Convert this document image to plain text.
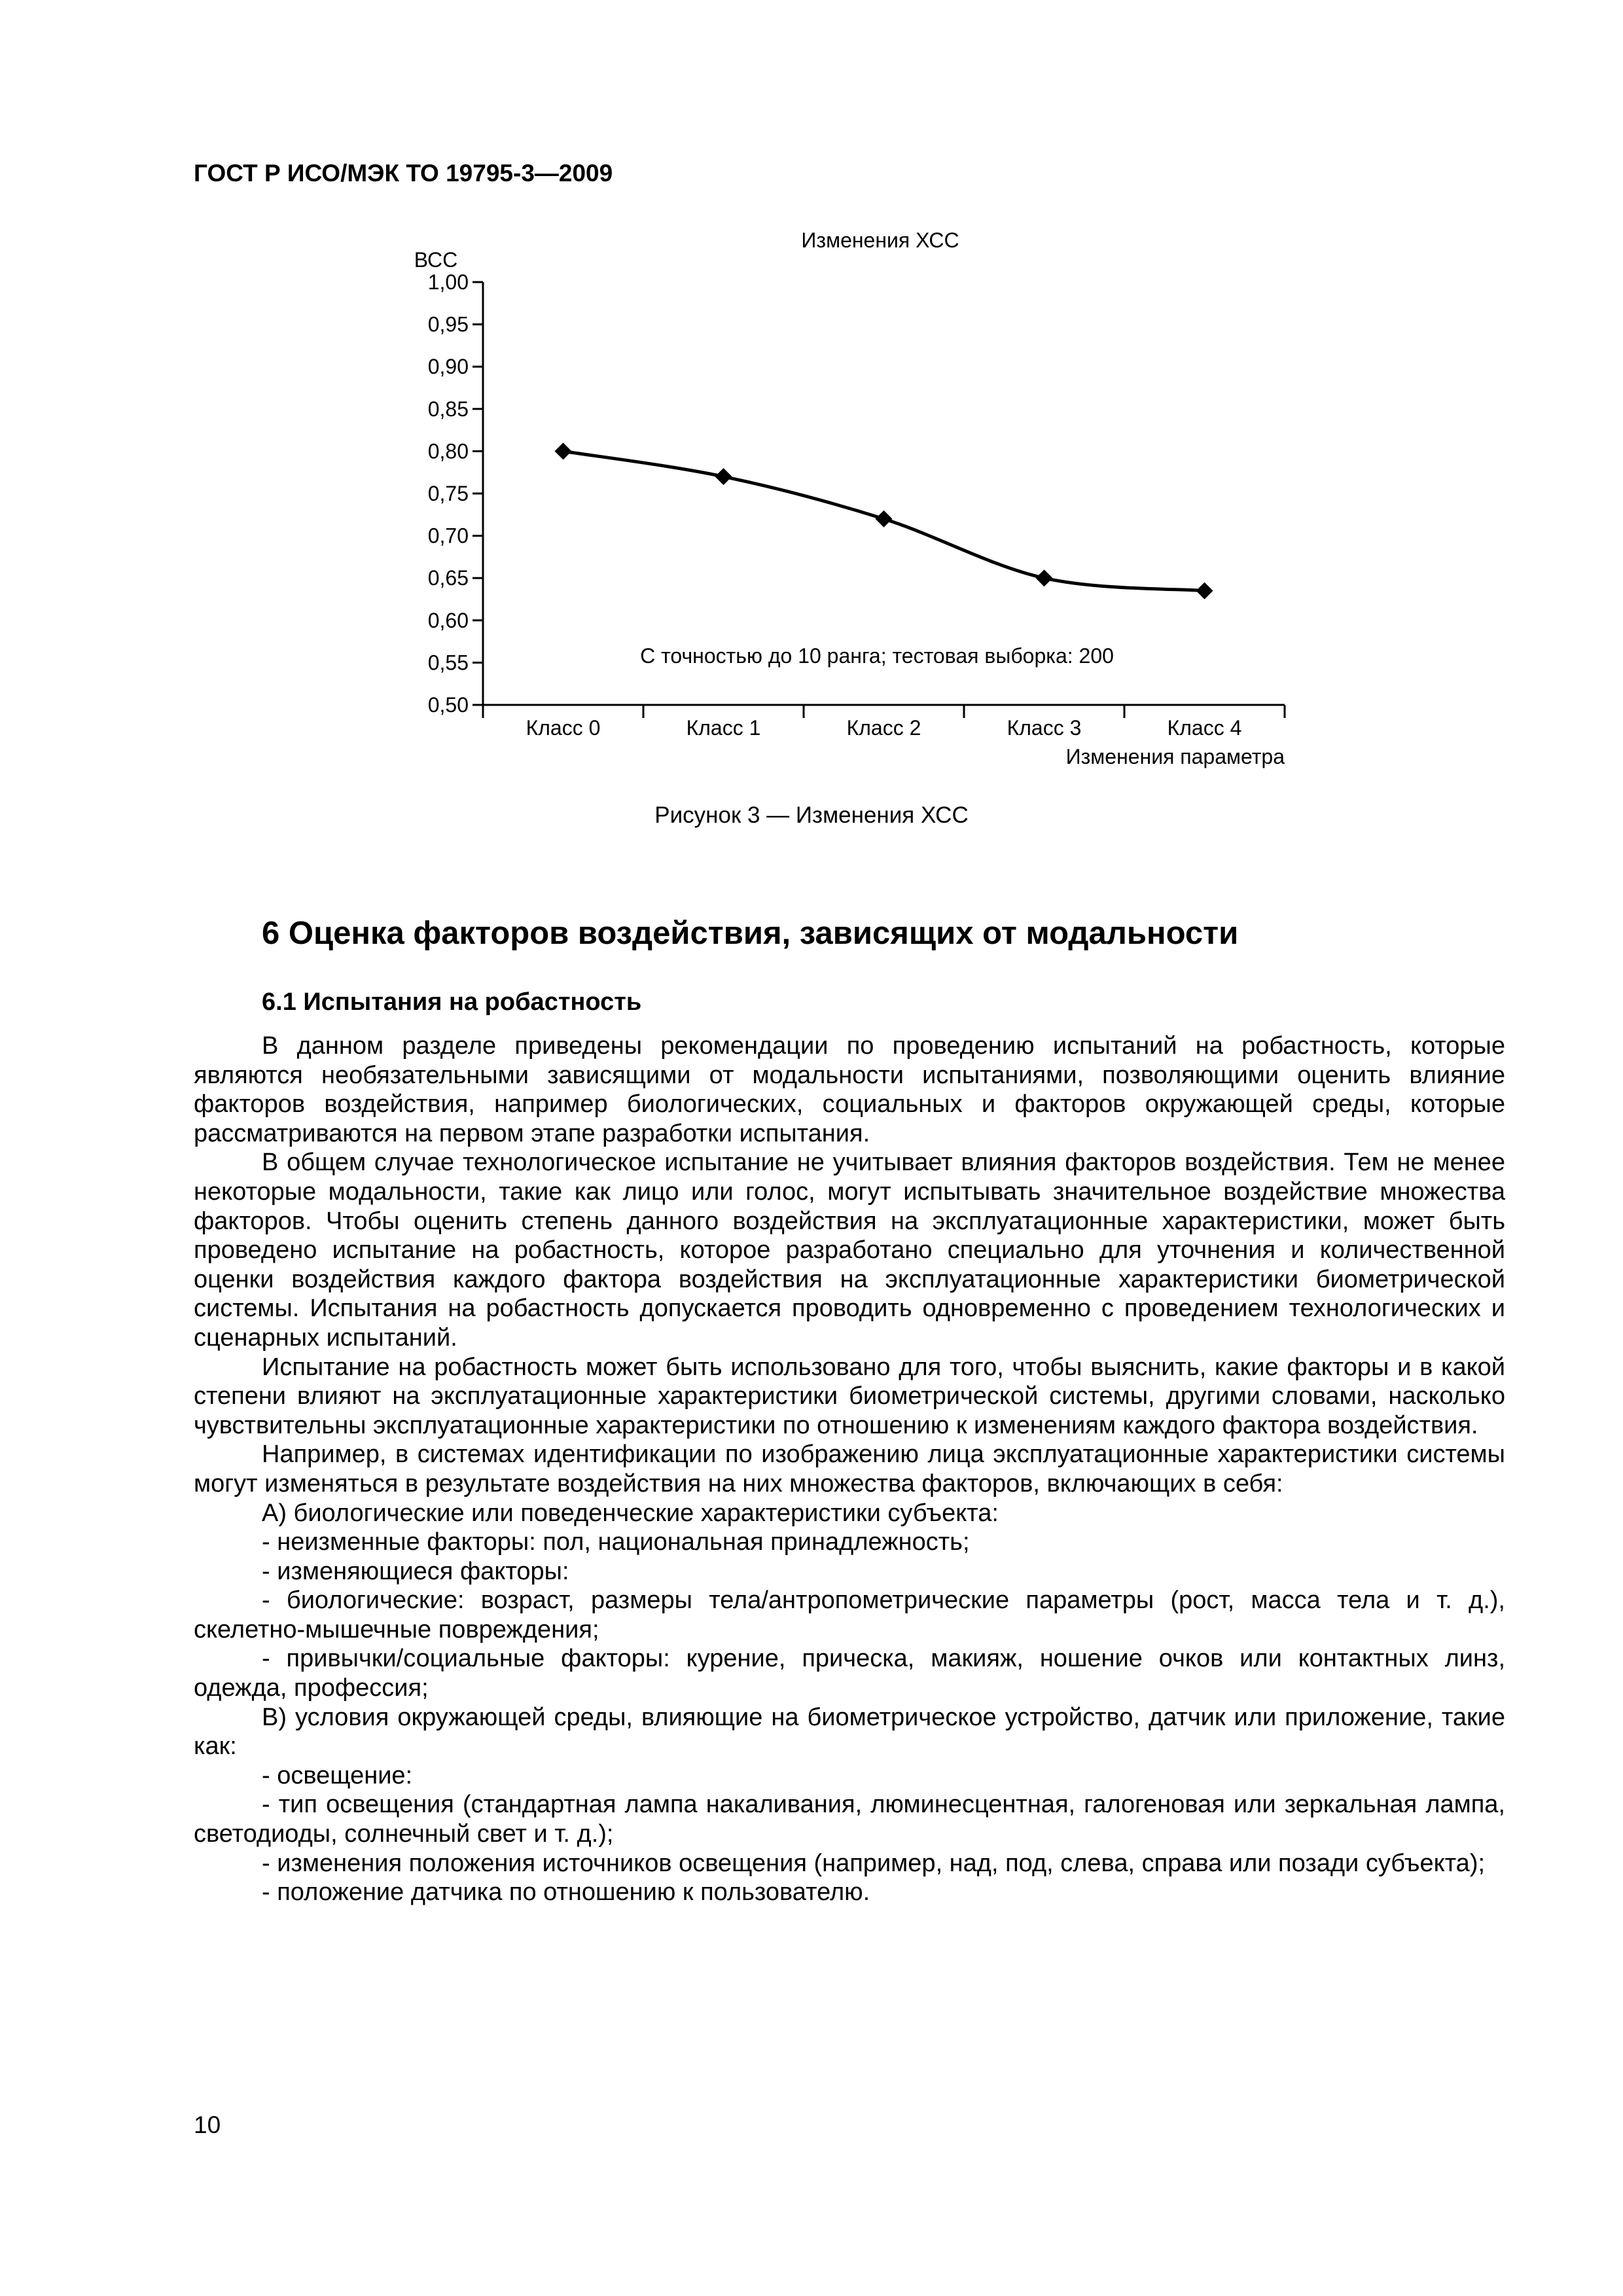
ГОСТ Р ИСО/МЭК ТО 19795-3—2009
Изменения ХСС
ВСС
С точностью до 10 ранга; тестовая выборка: 200
Изменения параметра
0,50
0,55
0,60
0,65
0,70
0,75
0,80
0,85
0,90
0,95
1,00
Класс 0	Класс 1	Класс 2	Класс 3	Класс 4
Рисунок 3 — Изменения ХСС
6 Оценка факторов воздействия, зависящих от модальности
6.1 Испытания на робастность

В данном разделе приведены рекомендации по проведению испытаний на робастность, которые являются необязательными зависящими от модальности испытаниями, позволяющими оценить влияние факторов воздействия, например биологических, социальных и факторов окружающей среды, которые рассматриваются на первом этапе разработки испытания.

В общем случае технологическое испытание не учитывает влияния факторов воздействия. Тем не менее некоторые модальности, такие как лицо или голос, могут испытывать значительное воздействие множества факторов. Чтобы оценить степень данного воздействия на эксплуатационные характеристики, может быть проведено испытание на робастность, которое разработано специально для уточнения и количественной оценки воздействия каждого фактора воздействия на эксплуатационные характеристики биометрической системы. Испытания на робастность допускается проводить одновременно с проведением технологических и сценарных испытаний.

Испытание на робастность может быть использовано для того, чтобы выяснить, какие факторы и в какой степени влияют на эксплуатационные характеристики биометрической системы, другими словами, насколько чувствительны эксплуатационные характеристики по отношению к изменениям каждого фактора воздействия.

Например, в системах идентификации по изображению лица эксплуатационные характеристики системы могут изменяться в результате воздействия на них множества факторов, включающих в себя:

А) биологические или поведенческие характеристики субъекта:

- неизменные факторы: пол, национальная принадлежность;

- изменяющиеся факторы:

- биологические: возраст, размеры тела/антропометрические параметры (рост, масса тела и т. д.), скелетно-мышечные повреждения;

- привычки/социальные факторы: курение, прическа, макияж, ношение очков или контактных линз, одежда, профессия;

В) условия окружающей среды, влияющие на биометрическое устройство, датчик или приложение, такие как:

- освещение:

- тип освещения (стандартная лампа накаливания, люминесцентная, галогеновая или зеркальная лампа, светодиоды, солнечный свет и т. д.);

- изменения положения источников освещения (например, над, под, слева, справа или позади субъекта);

- положение датчика по отношению к пользователю.

10
